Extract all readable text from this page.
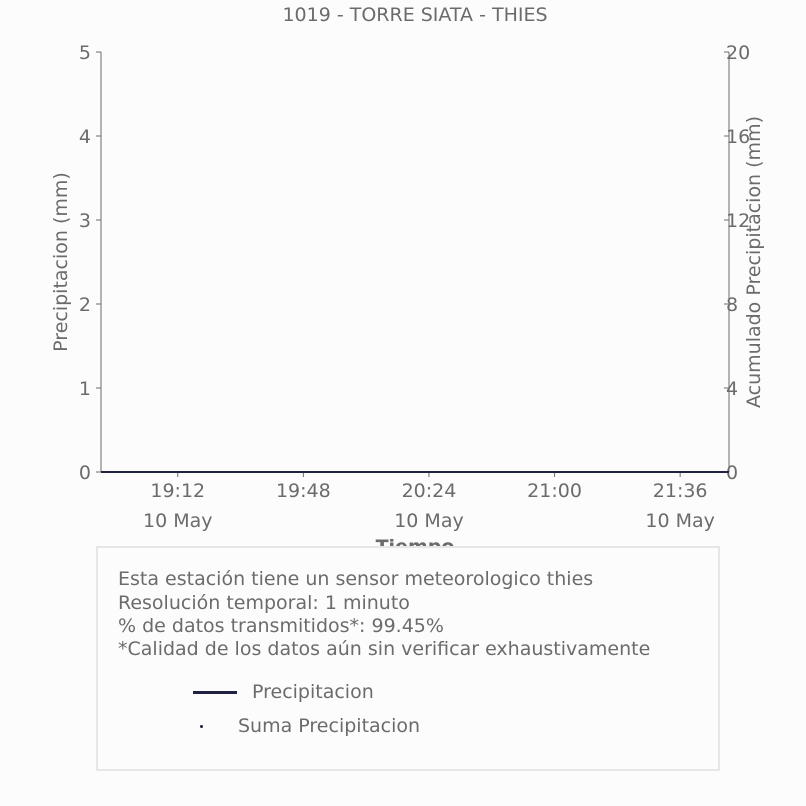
1019 - TORRE SIATA - THIES
0
1
2
3
4
5
0
4
8
12
16
20
19:12
10 May
19:48	20:24
10 May
21:00	21:36
10 May
Precipitacion (mm)	Acumulado Precipitacion (mm)
Esta estación tiene un sensor meteorologico thies
Resolución temporal: 1 minuto
% de datos transmitidos*: 99.45%
*Calidad de los datos aún sin verificar exhaustivamente
Precipitacion
Suma Precipitacion
